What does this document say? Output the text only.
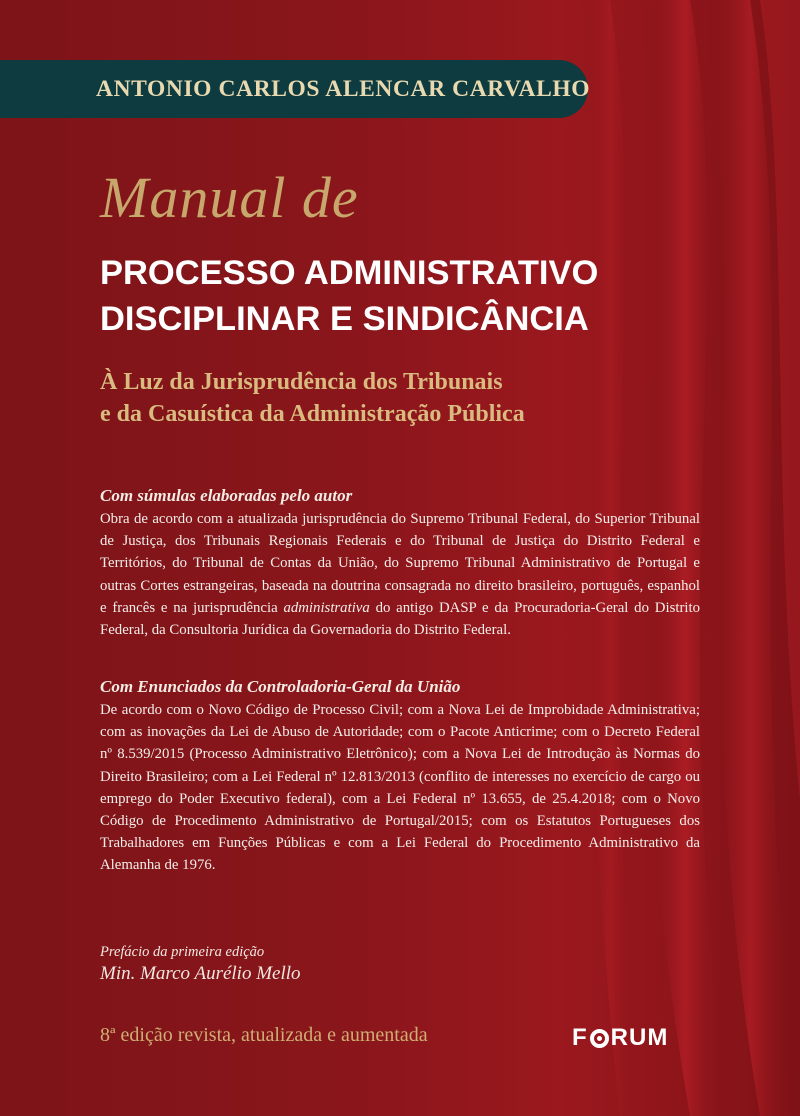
ANTONIO CARLOS ALENCAR CARVALHO
Manual de
PROCESSO ADMINISTRATIVO
DISCIPLINAR E SINDICÂNCIA
À Luz da Jurisprudência dos Tribunais
e da Casuística da Administração Pública
Com súmulas elaboradas pelo autor
Obra de acordo com a atualizada jurisprudência do Supremo Tribunal Federal, do Superior Tribunal de Justiça, dos Tribunais Regionais Federais e do Tribunal de Justiça do Distrito Federal e Territórios, do Tribunal de Contas da União, do Supremo Tribunal Administrativo de Portugal e outras Cortes estrangeiras, baseada na doutrina consagrada no direito brasileiro, português, espanhol e francês e na jurisprudência administrativa do antigo DASP e da Procuradoria-Geral do Distrito Federal, da Consultoria Jurídica da Governadoria do Distrito Federal.
Com Enunciados da Controladoria-Geral da União
De acordo com o Novo Código de Processo Civil; com a Nova Lei de Improbidade Administrativa; com as inovações da Lei de Abuso de Autoridade; com o Pacote Anticrime; com o Decreto Federal nº 8.539/2015 (Processo Administrativo Eletrônico); com a Nova Lei de Introdução às Normas do Direito Brasileiro; com a Lei Federal nº 12.813/2013 (conflito de interesses no exercício de cargo ou emprego do Poder Executivo federal), com a Lei Federal nº 13.655, de 25.4.2018; com o Novo Código de Procedimento Administrativo de Portugal/2015; com os Estatutos Portugueses dos Trabalhadores em Funções Públicas e com a Lei Federal do Procedimento Administrativo da Alemanha de 1976.
Prefácio da primeira edição
Min. Marco Aurélio Mello
8ª edição revista, atualizada e aumentada	F RUM
